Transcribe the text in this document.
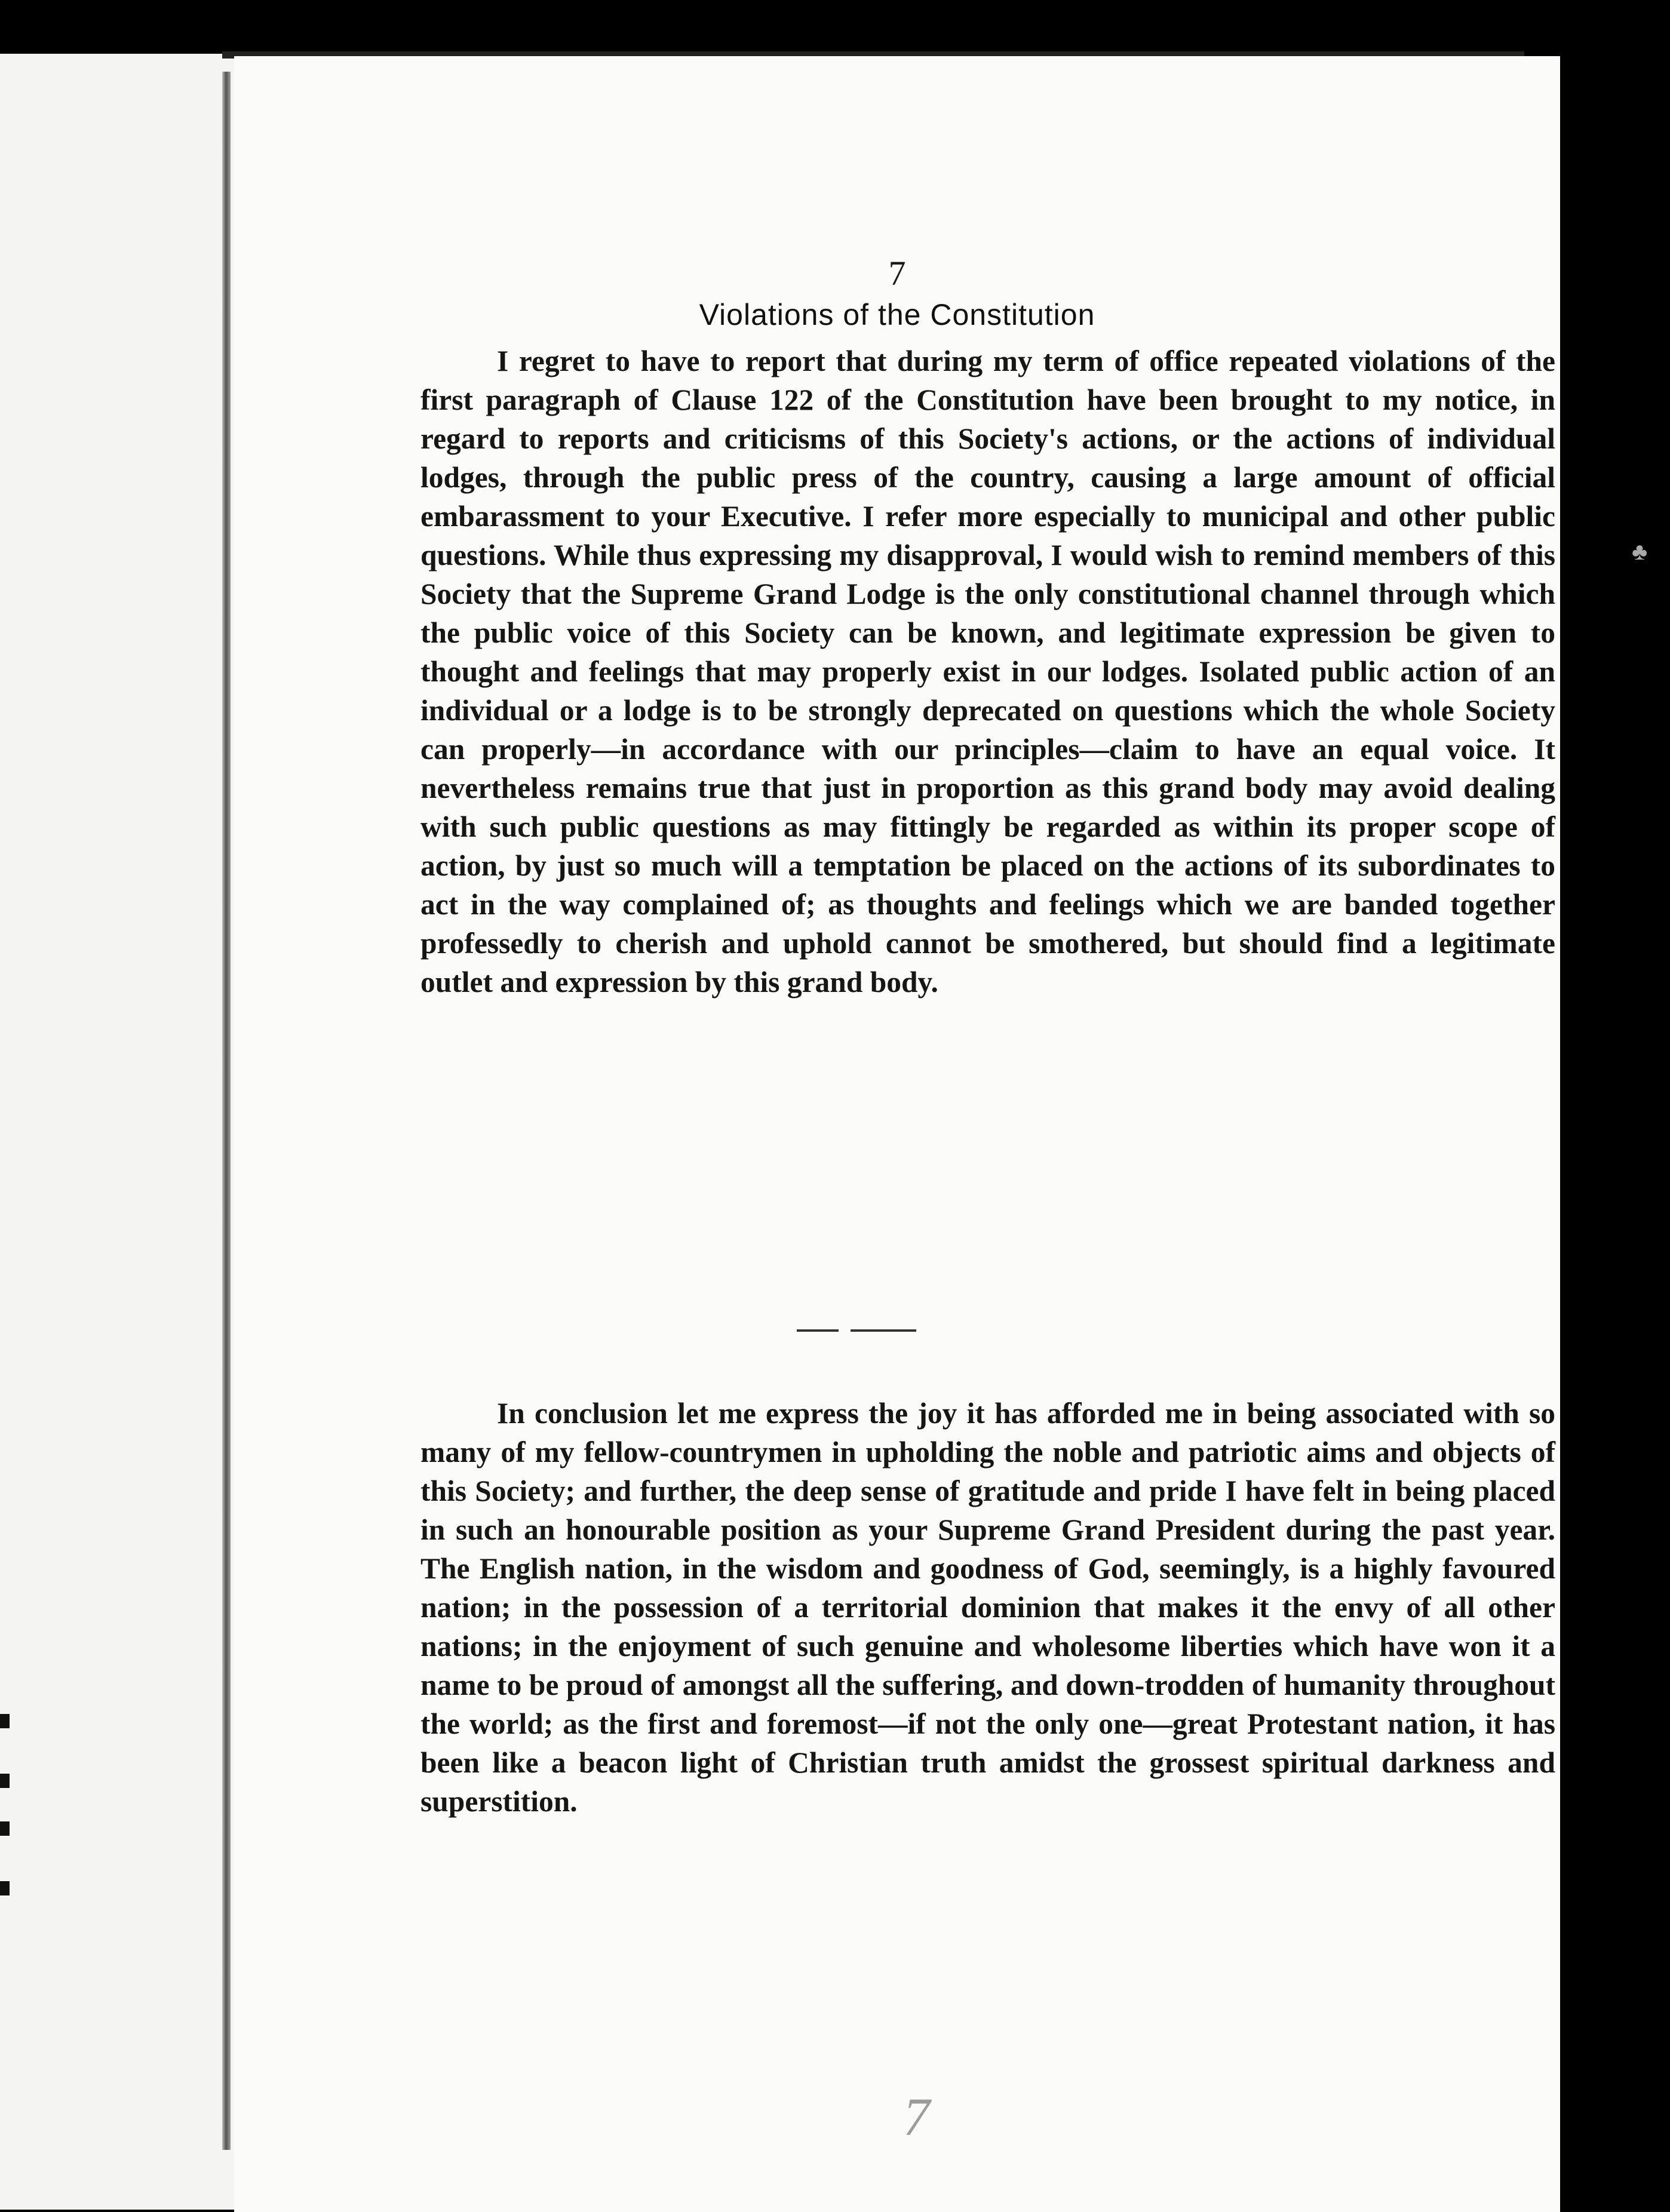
7
Violations of the Constitution

I regret to have to report that during my term of office repeated violations of the first paragraph of Clause 122 of the Constitution have been brought to my notice, in regard to reports and criticisms of this Society's actions, or the actions of individual lodges, through the public press of the country, causing a large amount of official embarassment to your Executive. I refer more especially to municipal and other public questions. While thus expressing my disapproval, I would wish to remind members of this Society that the Supreme Grand Lodge is the only constitutional channel through which the public voice of this Society can be known, and legitimate expression be given to thought and feelings that may properly exist in our lodges. Isolated public action of an individual or a lodge is to be strongly deprecated on questions which the whole Society can properly—in accordance with our principles—claim to have an equal voice. It nevertheless remains true that just in proportion as this grand body may avoid dealing with such public questions as may fittingly be regarded as within its proper scope of action, by just so much will a temptation be placed on the actions of its subordinates to act in the way complained of; as thoughts and feelings which we are banded together professedly to cherish and uphold cannot be smothered, but should find a legitimate outlet and expression by this grand body.

In conclusion let me express the joy it has afforded me in being associated with so many of my fellow-countrymen in upholding the noble and patriotic aims and objects of this Society; and further, the deep sense of gratitude and pride I have felt in being placed in such an honourable position as your Supreme Grand President during the past year. The English nation, in the wisdom and goodness of God, seemingly, is a highly favoured nation; in the possession of a territorial dominion that makes it the envy of all other nations; in the enjoyment of such genuine and wholesome liberties which have won it a name to be proud of amongst all the suffering, and down-trodden of humanity throughout the world; as the first and foremost—if not the only one—great Protestant nation, it has been like a beacon light of Christian truth amidst the grossest spiritual darkness and superstition.

7
♣
